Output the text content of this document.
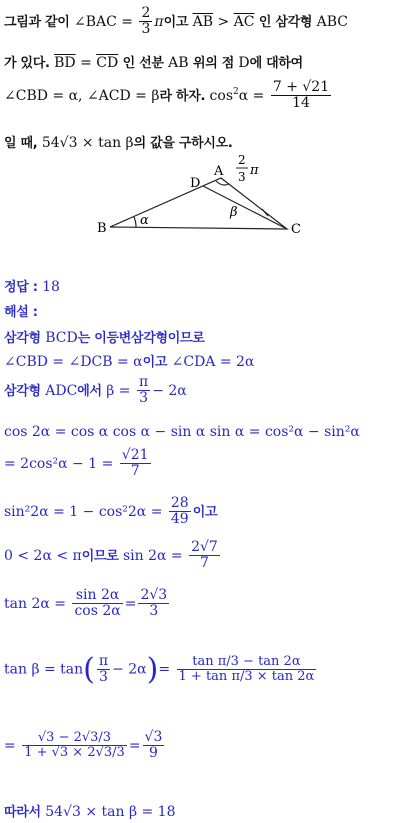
그림과 같이 ∠BAC = $\frac{2}{3}$ π이고 $\overline{AB} > \overline{AC}$ 인 삼각형 ABC
가 있다. $\overline{BD} = \overline{CD}$ 인 선분 AB 위의 점 D에 대하여
∠CBD = α, ∠ACD = β라 하자. $\cos^2\alpha = \frac{7 + √21}{14}$
일 때, 54√3 × tan β의 값을 구하시오.
A
B	C
D
α
β
2
3 π
정답 : 18
해설 :
삼각형 BCD는 이등변삼각형이므로
∠CBD = ∠DCB = α이고 ∠CDA = 2α
삼각형 ADC에서 $\beta = \frac{\pi}{3} - 2\alpha$
cos 2α = cos α cos α − sin α sin α = cos²α − sin²α
= $2\cos^2\alpha - 1 = \frac{√21}{7}$
$\sin^22\alpha = 1 - \cos^22\alpha = \frac{28}{49}$ 이고
0 < 2α < π이므로 $\sin 2\alpha = \frac{2√7}{7}$
$\tan 2\alpha = \frac{\sin 2\alpha}{\cos 2\alpha} = \frac{2√3}{3}$
$\tan \beta = \tan( \frac{\pi}{3} - 2\alpha)= \frac{\text{tan π/3 − tan 2α}}{\text{1 + tan π/3 × tan 2α}}$
= $\frac{√3 - 2√3/3}{1 + √3 \times 2√3/3} = \frac{√3}{9}$
따라서 54√3 × tan β = 18
